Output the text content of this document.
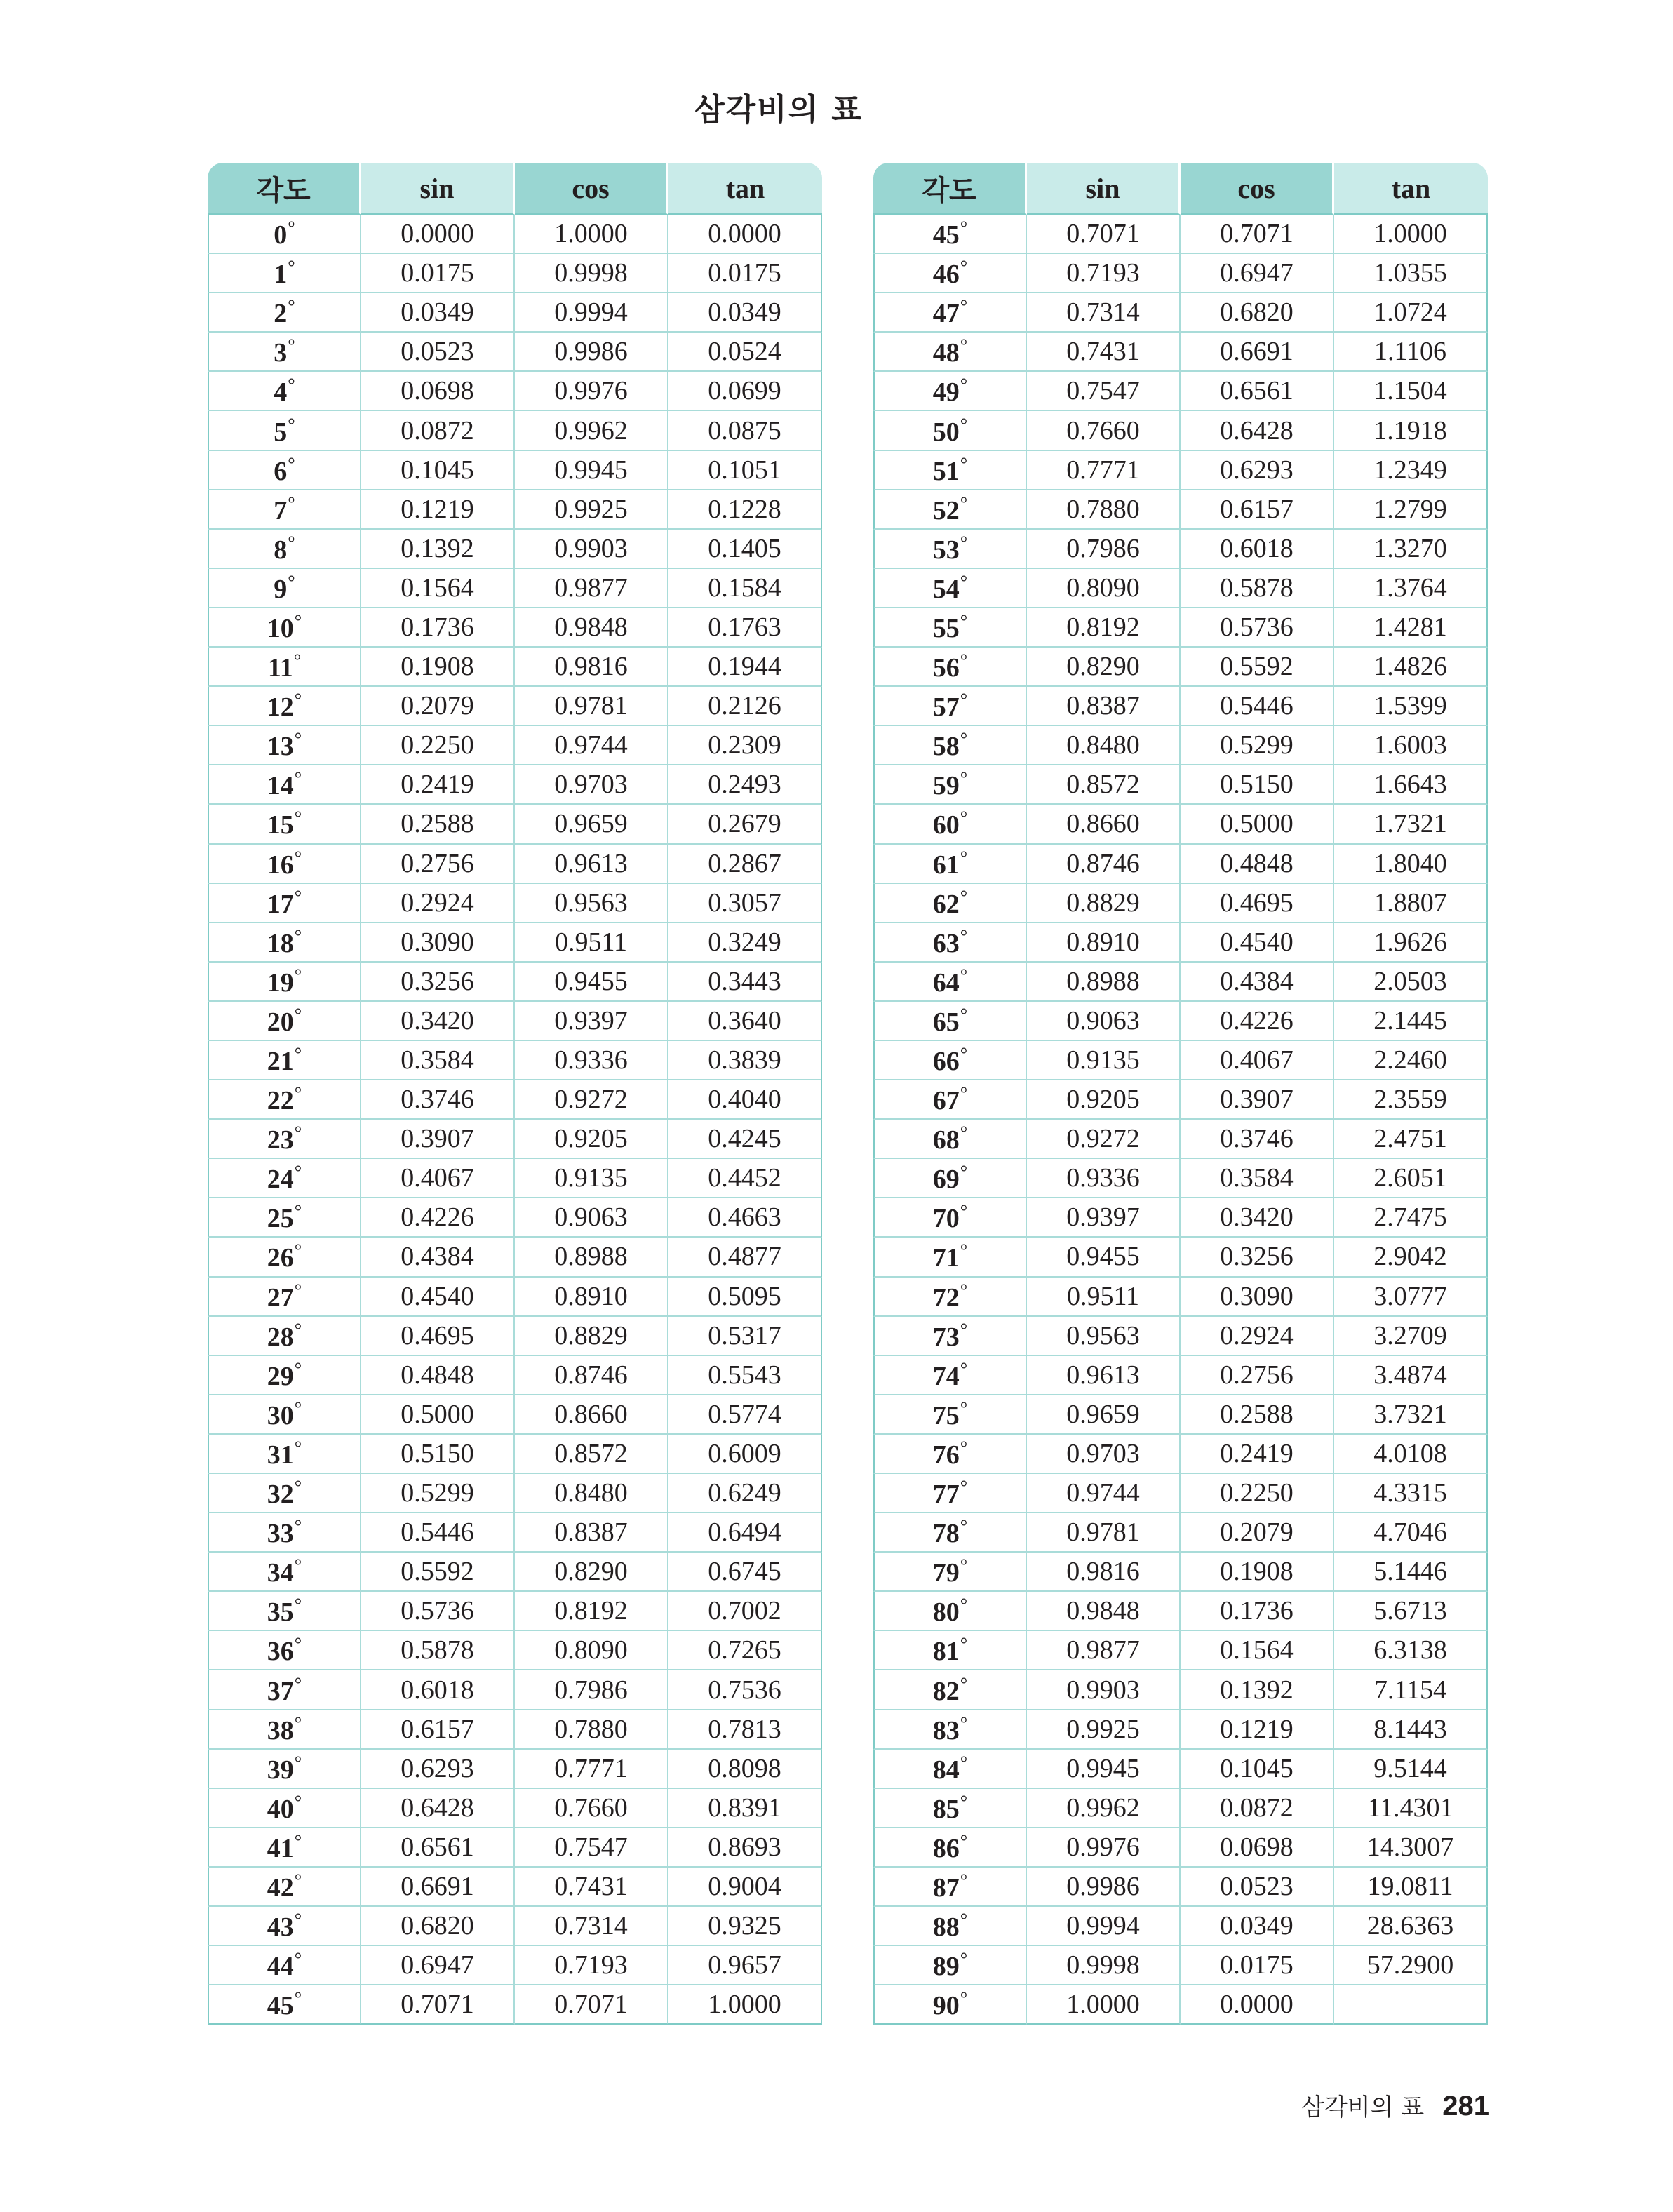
삼각비의 표
각도	sin	cos	tan
0°	0.0000	1.0000	0.0000
1°	0.0175	0.9998	0.0175
2°	0.0349	0.9994	0.0349
3°	0.0523	0.9986	0.0524
4°	0.0698	0.9976	0.0699
5°	0.0872	0.9962	0.0875
6°	0.1045	0.9945	0.1051
7°	0.1219	0.9925	0.1228
8°	0.1392	0.9903	0.1405
9°	0.1564	0.9877	0.1584
10°	0.1736	0.9848	0.1763
11°	0.1908	0.9816	0.1944
12°	0.2079	0.9781	0.2126
13°	0.2250	0.9744	0.2309
14°	0.2419	0.9703	0.2493
15°	0.2588	0.9659	0.2679
16°	0.2756	0.9613	0.2867
17°	0.2924	0.9563	0.3057
18°	0.3090	0.9511	0.3249
19°	0.3256	0.9455	0.3443
20°	0.3420	0.9397	0.3640
21°	0.3584	0.9336	0.3839
22°	0.3746	0.9272	0.4040
23°	0.3907	0.9205	0.4245
24°	0.4067	0.9135	0.4452
25°	0.4226	0.9063	0.4663
26°	0.4384	0.8988	0.4877
27°	0.4540	0.8910	0.5095
28°	0.4695	0.8829	0.5317
29°	0.4848	0.8746	0.5543
30°	0.5000	0.8660	0.5774
31°	0.5150	0.8572	0.6009
32°	0.5299	0.8480	0.6249
33°	0.5446	0.8387	0.6494
34°	0.5592	0.8290	0.6745
35°	0.5736	0.8192	0.7002
36°	0.5878	0.8090	0.7265
37°	0.6018	0.7986	0.7536
38°	0.6157	0.7880	0.7813
39°	0.6293	0.7771	0.8098
40°	0.6428	0.7660	0.8391
41°	0.6561	0.7547	0.8693
42°	0.6691	0.7431	0.9004
43°	0.6820	0.7314	0.9325
44°	0.6947	0.7193	0.9657
45°	0.7071	0.7071	1.0000
각도	sin	cos	tan
45°	0.7071	0.7071	1.0000
46°	0.7193	0.6947	1.0355
47°	0.7314	0.6820	1.0724
48°	0.7431	0.6691	1.1106
49°	0.7547	0.6561	1.1504
50°	0.7660	0.6428	1.1918
51°	0.7771	0.6293	1.2349
52°	0.7880	0.6157	1.2799
53°	0.7986	0.6018	1.3270
54°	0.8090	0.5878	1.3764
55°	0.8192	0.5736	1.4281
56°	0.8290	0.5592	1.4826
57°	0.8387	0.5446	1.5399
58°	0.8480	0.5299	1.6003
59°	0.8572	0.5150	1.6643
60°	0.8660	0.5000	1.7321
61°	0.8746	0.4848	1.8040
62°	0.8829	0.4695	1.8807
63°	0.8910	0.4540	1.9626
64°	0.8988	0.4384	2.0503
65°	0.9063	0.4226	2.1445
66°	0.9135	0.4067	2.2460
67°	0.9205	0.3907	2.3559
68°	0.9272	0.3746	2.4751
69°	0.9336	0.3584	2.6051
70°	0.9397	0.3420	2.7475
71°	0.9455	0.3256	2.9042
72°	0.9511	0.3090	3.0777
73°	0.9563	0.2924	3.2709
74°	0.9613	0.2756	3.4874
75°	0.9659	0.2588	3.7321
76°	0.9703	0.2419	4.0108
77°	0.9744	0.2250	4.3315
78°	0.9781	0.2079	4.7046
79°	0.9816	0.1908	5.1446
80°	0.9848	0.1736	5.6713
81°	0.9877	0.1564	6.3138
82°	0.9903	0.1392	7.1154
83°	0.9925	0.1219	8.1443
84°	0.9945	0.1045	9.5144
85°	0.9962	0.0872	11.4301
86°	0.9976	0.0698	14.3007
87°	0.9986	0.0523	19.0811
88°	0.9994	0.0349	28.6363
89°	0.9998	0.0175	57.2900
90°	1.0000	0.0000	
삼각비의 표 281
